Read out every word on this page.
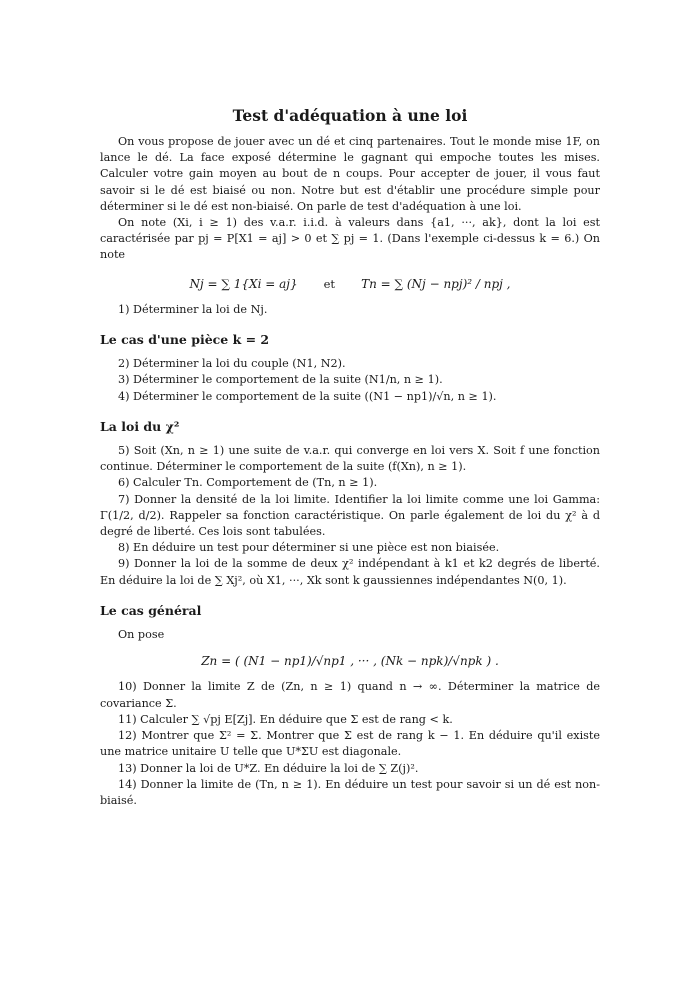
Test d'adéquation à une loi

On vous propose de jouer avec un dé et cinq partenaires. Tout le monde mise 1F, on lance le dé. La face exposé détermine le gagnant qui empoche toutes les mises. Calculer votre gain moyen au bout de n coups. Pour accepter de jouer, il vous faut savoir si le dé est biaisé ou non. Notre but est d'établir une procédure simple pour déterminer si le dé est non-biaisé. On parle de test d'adéquation à une loi.

On note (Xi, i ≥ 1) des v.a.r. i.i.d. à valeurs dans {a1, ···, ak}, dont la loi est caractérisée par pj = P[X1 = aj] > 0 et ∑ pj = 1. (Dans l'exemple ci-dessus k = 6.) On note

Nj = ∑ 1{Xi = aj} et Tn = ∑ (Nj − npj)² / npj ,

1) Déterminer la loi de Nj.

Le cas d'une pièce k = 2

2) Déterminer la loi du couple (N1, N2).

3) Déterminer le comportement de la suite (N1/n, n ≥ 1).

4) Déterminer le comportement de la suite ((N1 − np1)/√n, n ≥ 1).

La loi du χ²

5) Soit (Xn, n ≥ 1) une suite de v.a.r. qui converge en loi vers X. Soit f une fonction continue. Déterminer le comportement de la suite (f(Xn), n ≥ 1).

6) Calculer Tn. Comportement de (Tn, n ≥ 1).

7) Donner la densité de la loi limite. Identifier la loi limite comme une loi Gamma: Γ(1/2, d/2). Rappeler sa fonction caractéristique. On parle également de loi du χ² à d degré de liberté. Ces lois sont tabulées.

8) En déduire un test pour déterminer si une pièce est non biaisée.

9) Donner la loi de la somme de deux χ² indépendant à k1 et k2 degrés de liberté. En déduire la loi de ∑ Xj², où X1, ···, Xk sont k gaussiennes indépendantes N(0, 1).

Le cas général

On pose

Zn = ( (N1 − np1)/√np1 , ··· , (Nk − npk)/√npk ) .

10) Donner la limite Z de (Zn, n ≥ 1) quand n → ∞. Déterminer la matrice de covariance Σ.

11) Calculer ∑ √pj E[Zj]. En déduire que Σ est de rang < k.

12) Montrer que Σ² = Σ. Montrer que Σ est de rang k − 1. En déduire qu'il existe une matrice unitaire U telle que U*ΣU est diagonale.

13) Donner la loi de U*Z. En déduire la loi de ∑ Z(j)².

14) Donner la limite de (Tn, n ≥ 1). En déduire un test pour savoir si un dé est non-biaisé.
